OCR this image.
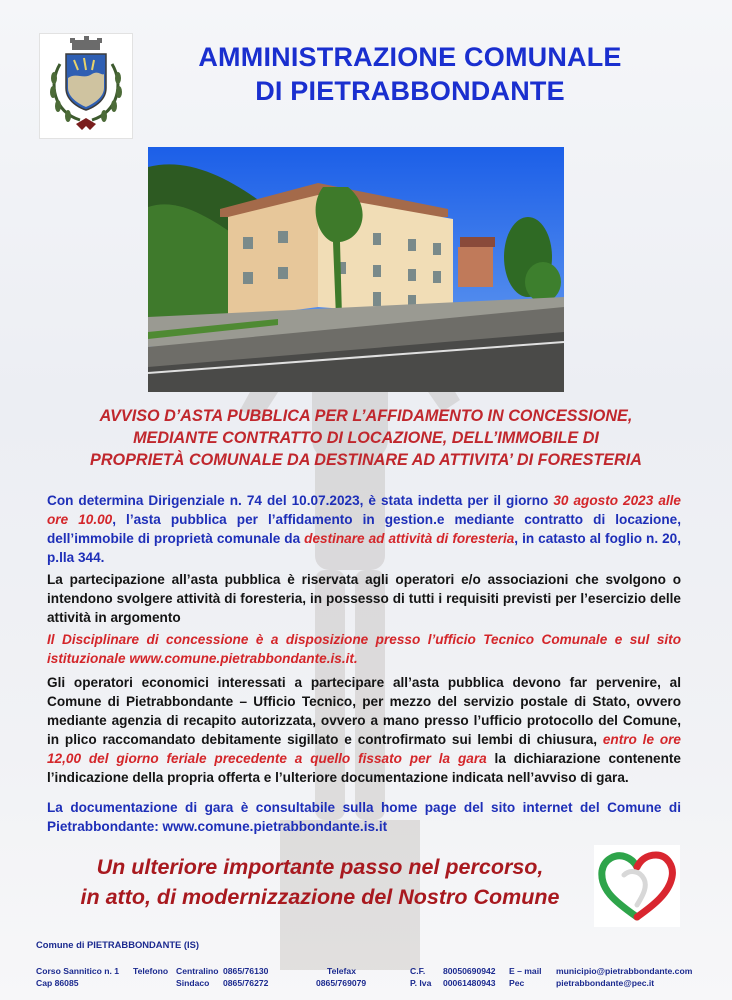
AMMINISTRAZIONE COMUNALE
DI PIETRABBONDANTE
AVVISO D’ASTA PUBBLICA PER L’AFFIDAMENTO IN CONCESSIONE,
MEDIANTE CONTRATTO DI LOCAZIONE, DELL’IMMOBILE DI
PROPRIETÀ COMUNALE DA DESTINARE AD ATTIVITA’ DI FORESTERIA
Con determina Dirigenziale n. 74 del 10.07.2023, è stata indetta per il giorno 30 agosto 2023 alle ore 10.00, l’asta pubblica per l’affidamento in gestion.e mediante contratto di locazione, dell’immobile di proprietà comunale da destinare ad attività di foresteria, in catasto al foglio n. 20, p.lla 344.
La partecipazione all’asta pubblica è riservata agli operatori e/o associazioni che svolgono o intendono svolgere attività di foresteria, in possesso di tutti i requisiti previsti per l’esercizio delle attività in argomento
Il Disciplinare di concessione è a disposizione presso l’ufficio Tecnico Comunale e sul sito istituzionale www.comune.pietrabbondante.is.it.
Gli operatori economici interessati a partecipare all’asta pubblica devono far pervenire, al Comune di Pietrabbondante – Ufficio Tecnico, per mezzo del servizio postale di Stato, ovvero mediante agenzia di recapito autorizzata, ovvero a mano presso l’ufficio protocollo del Comune, in plico raccomandato debitamente sigillato e controfirmato sui lembi di chiusura, entro le ore 12,00 del giorno feriale precedente a quello fissato per la gara la dichiarazione contenente l’indicazione della propria offerta e l’ulteriore documentazione indicata nell’avviso di gara.
La documentazione di gara è consultabile sulla home page del sito internet del Comune di Pietrabbondante: www.comune.pietrabbondante.is.it
Un ulteriore importante passo nel percorso,
in atto, di modernizzazione del Nostro Comune
Comune di PIETRABBONDANTE (IS)
Corso Sannitico n. 1
Cap 86085
Telefono Centralino 0865/76130
Sindaco 0865/76272
Telefax
0865/769079
C.F. 80050690942
P. Iva 00061480943
E – mail municipio@pietrabbondante.com
Pec	pietrabbondante@pec.it
